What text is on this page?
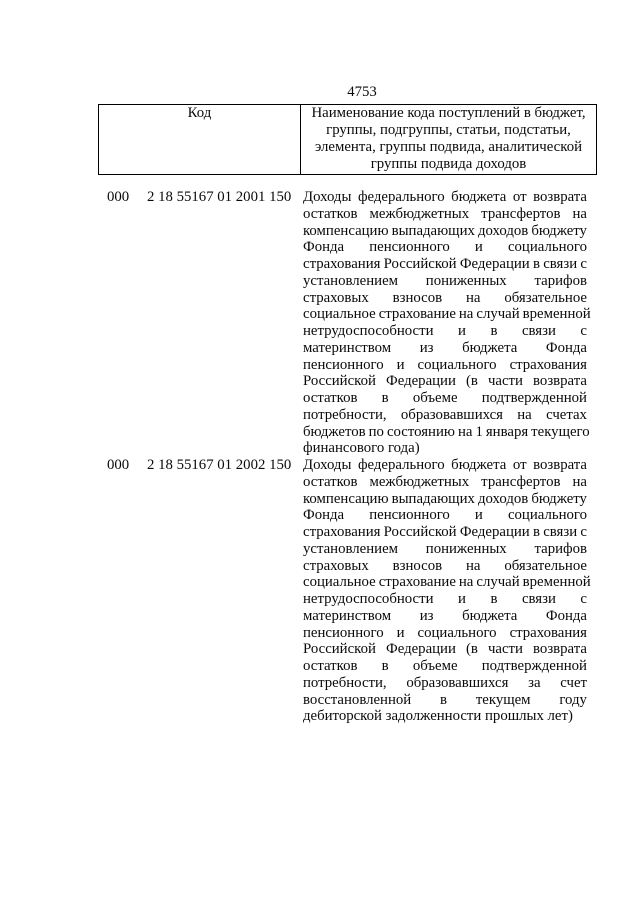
4753
Код	Наименование кода поступлений в бюджет,
группы, подгруппы, статьи, подстатьи,
элемента, группы подвида, аналитической
группы подвида доходов
000 2 18 55167 01 2001 150 Доходы федерального бюджета от возврата
остатков межбюджетных трансфертов на
компенсацию выпадающих доходов бюджету
Фонда пенсионного и социального
страхования Российской Федерации в связи с
установлением пониженных тарифов
страховых взносов на обязательное
социальное страхование на случай временной
нетрудоспособности и в связи с
материнством из бюджета Фонда
пенсионного и социального страхования
Российской Федерации (в части возврата
остатков в объеме подтвержденной
потребности, образовавшихся на счетах
бюджетов по состоянию на 1 января текущего
финансового года)
000 2 18 55167 01 2002 150 Доходы федерального бюджета от возврата
остатков межбюджетных трансфертов на
компенсацию выпадающих доходов бюджету
Фонда пенсионного и социального
страхования Российской Федерации в связи с
установлением пониженных тарифов
страховых взносов на обязательное
социальное страхование на случай временной
нетрудоспособности и в связи с
материнством из бюджета Фонда
пенсионного и социального страхования
Российской Федерации (в части возврата
остатков в объеме подтвержденной
потребности, образовавшихся за счет
восстановленной в текущем году
дебиторской задолженности прошлых лет)
